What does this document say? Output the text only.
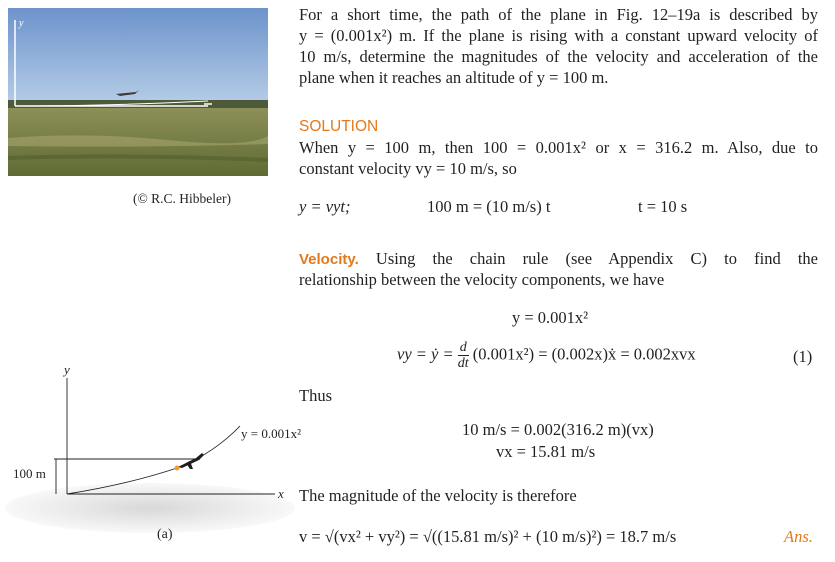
y
(© R.C. Hibbeler)
y
x
100 m
y = 0.001x²
(a)
For a short time, the path of the plane in Fig. 12–19a is described by
y = (0.001x²) m. If the plane is rising with a constant upward velocity of
10 m/s, determine the magnitudes of the velocity and acceleration of the
plane when it reaches an altitude of y = 100 m.
SOLUTION
When y = 100 m, then 100 = 0.001x² or x = 316.2 m. Also, due to
constant velocity vy = 10 m/s, so
y = vyt;	100 m = (10 m/s) t	t = 10 s
Velocity. Using the chain rule (see Appendix C) to find the
relationship between the velocity components, we have
y = 0.001x²
vy = ẏ = $\frac{d}{dt} (0.001x^2)$ = (0.002x)ẋ = 0.002xvx	(1)
Thus
10 m/s = 0.002(316.2 m)(vx)
vx = 15.81 m/s
The magnitude of the velocity is therefore
v = √(vx² + vy²) = √((15.81 m/s)² + (10 m/s)²) = 18.7 m/s	Ans.
